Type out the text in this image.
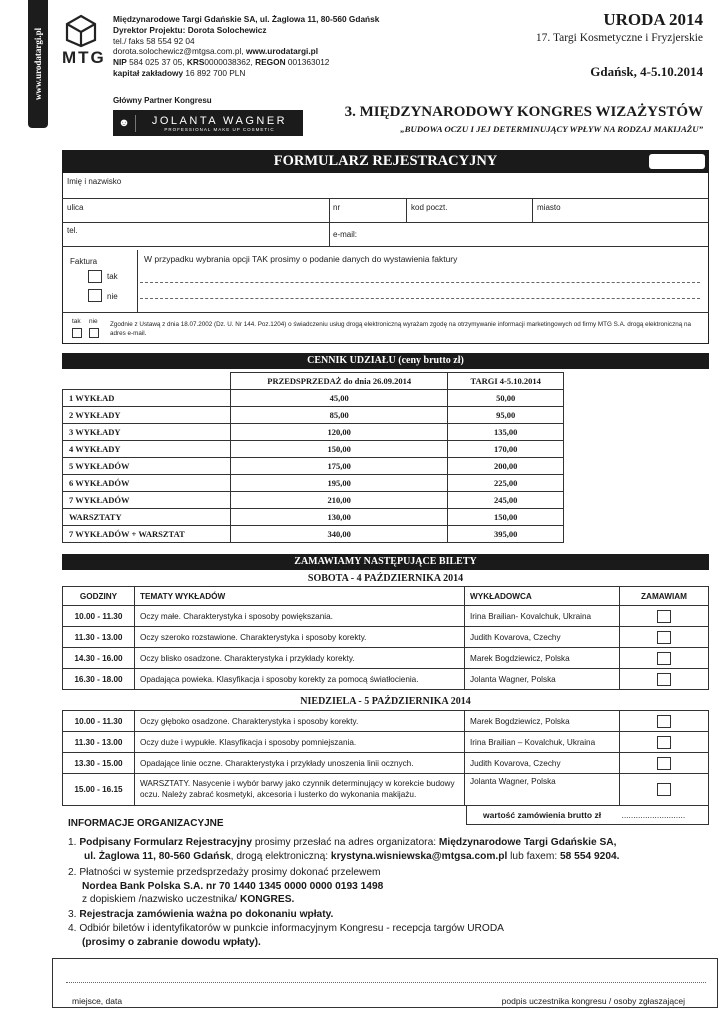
www.urodatargi.pl MTG
Międzynarodowe Targi Gdańskie SA, ul. Żaglowa 11, 80-560 Gdańsk
Dyrektor Projektu: Dorota Solochewicz
tel./ faks 58 554 92 04
dorota.solochewicz@mtgsa.com.pl, www.urodatargi.pl
NIP 584 025 37 05, KRS0000038362, REGON 001363012
kapitał zakładowy 16 892 700 PLN
URODA 2014
17. Targi Kosmetyczne i Fryzjerskie
Gdańsk, 4-5.10.2014
Główny Partner Kongresu
☻	JOLANTA WAGNER
PROFESSIONAL MAKE UP COSMETIC
3. MIĘDZYNARODOWY KONGRES WIZAŻYSTÓW
„BUDOWA OCZU I JEJ DETERMINUJĄCY WPŁYW NA RODZAJ MAKIJAŻU”
FORMULARZ REJESTRACYJNY
Imię i nazwisko
ulica	nr	kod poczt.	miasto
tel.	e-mail:
Faktura
tak
nie
W przypadku wybrania opcji TAK prosimy o podanie danych do wystawienia faktury
tak nie Zgodnie z Ustawą z dnia 18.07.2002 (Dz. U. Nr 144. Poz.1204) o świadczeniu usług drogą elektroniczną wyrażam zgodę na otrzymywanie informacji marketingowych od firmy MTG S.A. drogą elektroniczną na adres e-mail.
CENNIK UDZIAŁU (ceny brutto zł)
	PRZEDSPRZEDAŻ do dnia 26.09.2014	TARGI 4-5.10.2014
1 WYKŁAD	45,00	50,00
2 WYKŁADY	85,00	95,00
3 WYKŁADY	120,00	135,00
4 WYKŁADY	150,00	170,00
5 WYKŁADÓW	175,00	200,00
6 WYKŁADÓW	195,00	225,00
7 WYKŁADÓW	210,00	245,00
WARSZTATY	130,00	150,00
7 WYKŁADÓW + WARSZTAT	340,00	395,00
ZAMAWIAMY NASTĘPUJĄCE BILETY
SOBOTA - 4 PAŹDZIERNIKA 2014
GODZINY	TEMATY WYKŁADÓW	WYKŁADOWCA	ZAMAWIAM
10.00 - 11.30	Oczy małe. Charakterystyka i sposoby powiększania.	Irina Brailian- Kovalchuk, Ukraina	
11.30 - 13.00	Oczy szeroko rozstawione. Charakterystyka i sposoby korekty.	Judith Kovarova, Czechy	
14.30 - 16.00	Oczy blisko osadzone. Charakterystyka i przykłady korekty.	Marek Bogdziewicz, Polska	
16.30 - 18.00	Opadająca powieka. Klasyfikacja i sposoby korekty za pomocą światłocienia.	Jolanta Wagner, Polska	
NIEDZIELA - 5 PAŹDZIERNIKA 2014
10.00 - 11.30	Oczy głęboko osadzone. Charakterystyka i sposoby korekty.	Marek Bogdziewicz, Polska	
11.30 - 13.00	Oczy duże i wypukłe. Klasyfikacja i sposoby pomniejszania.	Irina Brailian – Kovalchuk, Ukraina	
13.30 - 15.00	Opadające linie oczne. Charakterystyka i przykłady unoszenia linii ocznych.	Judith Kovarova, Czechy	
15.00 - 16.15	WARSZTATY. Nasycenie i wybór barwy jako czynnik determinujący w korekcie budowy oczu. Należy zabrać kosmetyki, akcesoria i lusterko do wykonania makijażu.	Jolanta Wagner, Polska	
wartość zamówienia brutto zł ...........................
INFORMACJE ORGANIZACYJNE
1. Podpisany Formularz Rejestracyjny prosimy przesłać na adres organizatora: Międzynarodowe Targi Gdańskie SA,
ul. Żaglowa 11, 80-560 Gdańsk, drogą elektroniczną: krystyna.wisniewska@mtgsa.com.pl lub faxem: 58 554 9204.
2. Płatności w systemie przedsprzedaży prosimy dokonać przelewem
Nordea Bank Polska S.A. nr 70 1440 1345 0000 0000 0193 1498
z dopiskiem /nazwisko uczestnika/ KONGRES.
3. Rejestracja zamówienia ważna po dokonaniu wpłaty.
4. Odbiór biletów i identyfikatorów w punkcie informacyjnym Kongresu - recepcja targów URODA
(prosimy o zabranie dowodu wpłaty).
miejsce, data	podpis uczestnika kongresu / osoby zgłaszającej
